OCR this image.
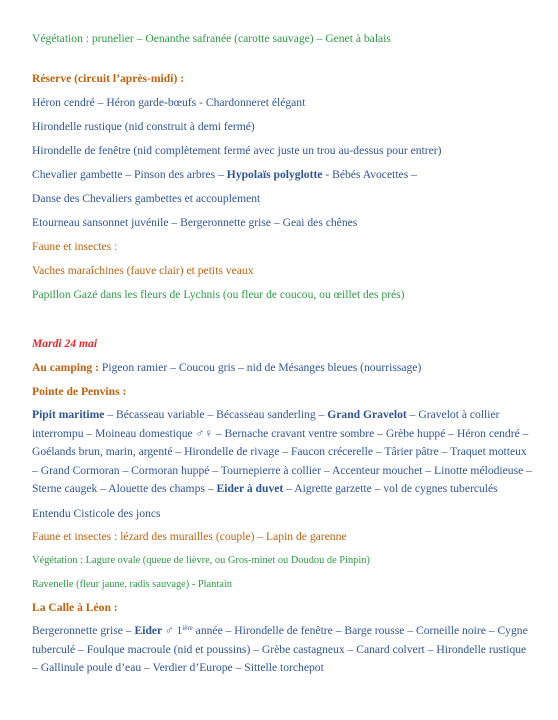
Végétation : prunelier – Oenanthe safranée (carotte sauvage) – Genet à balais

Réserve (circuit l’après-midi) :

Héron cendré – Héron garde-bœufs - Chardonneret élégant

Hirondelle rustique (nid construit à demi fermé)

Hirondelle de fenêtre (nid complètement fermé avec juste un trou au-dessus pour entrer)

Chevalier gambette – Pinson des arbres – Hypolaïs polyglotte - Bébés Avocettes –

Danse des Chevaliers gambettes et accouplement

Etourneau sansonnet juvénile – Bergeronnette grise – Geai des chênes

Faune et insectes :

Vaches maraîchines (fauve clair) et petits veaux

Papillon Gazé dans les fleurs de Lychnis (ou fleur de coucou, ou œillet des prés)

Mardi 24 mai

Au camping : Pigeon ramier – Coucou gris – nid de Mésanges bleues (nourrissage)

Pointe de Penvins :

Pipit maritime – Bécasseau variable – Bécasseau sanderling – Grand Gravelot – Gravelot à collier interrompu – Moineau domestique ♂♀ – Bernache cravant ventre sombre – Grèbe huppé – Héron cendré – Goélands brun, marin, argenté – Hirondelle de rivage – Faucon crécerelle – Târier pâtre – Traquet motteux – Grand Cormoran – Cormoran huppé – Tournepierre à collier – Accenteur mouchet – Linotte mélodieuse – Sterne caugek – Alouette des champs – Eider à duvet – Aigrette garzette – vol de cygnes tuberculés

Entendu Cisticole des joncs

Faune et insectes : lézard des murailles (couple) – Lapin de garenne

Végétation : Lagure ovale (queue de lièvre, ou Gros-minet ou Doudou de Pinpin)

Ravenelle (fleur jaune, radis sauvage) - Plantain

La Calle à Léon :

Bergeronnette grise – Eider ♂ $1^{ière}$ année – Hirondelle de fenêtre – Barge rousse – Corneille noire – Cygne tuberculé – Foulque macroule (nid et poussins) – Grèbe castagneux – Canard colvert – Hirondelle rustique – Gallinule poule d’eau – Verdier d’Europe – Sittelle torchepot
